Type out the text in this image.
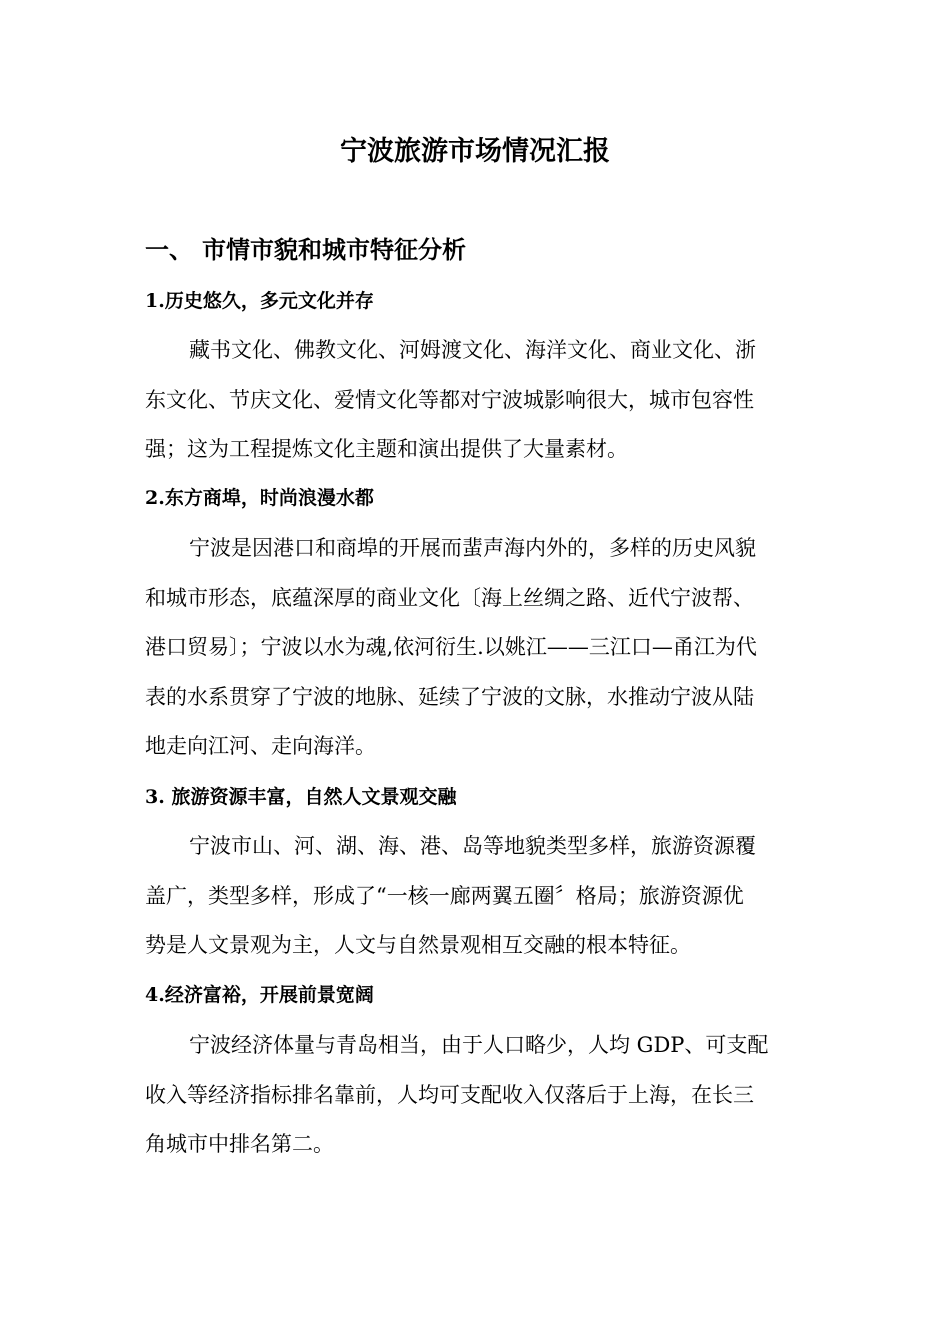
宁波旅游市场情况汇报
一、 市情市貌和城市特征分析
1.历史悠久，多元文化并存

藏书文化、佛教文化、河姆渡文化、海洋文化、商业文化、浙
东文化、节庆文化、爱情文化等都对宁波城影响很大，城市包容性
强；这为工程提炼文化主题和演出提供了大量素材。

2.东方商埠，时尚浪漫水都

宁波是因港口和商埠的开展而蜚声海内外的，多样的历史风貌
和城市形态，底蕴深厚的商业文化〔海上丝绸之路、近代宁波帮、
港口贸易〕；宁波以水为魂,依河衍生.以姚江——三江口—甬江为代
表的水系贯穿了宁波的地脉、延续了宁波的文脉，水推动宁波从陆
地走向江河、走向海洋。

3. 旅游资源丰富，自然人文景观交融

宁波市山、河、湖、海、港、岛等地貌类型多样，旅游资源覆
盖广，类型多样，形成了“一核一廊两翼五圈〞格局；旅游资源优
势是人文景观为主，人文与自然景观相互交融的根本特征。

4.经济富裕，开展前景宽阔

宁波经济体量与青岛相当，由于人口略少，人均 GDP、可支配
收入等经济指标排名靠前，人均可支配收入仅落后于上海，在长三
角城市中排名第二。
